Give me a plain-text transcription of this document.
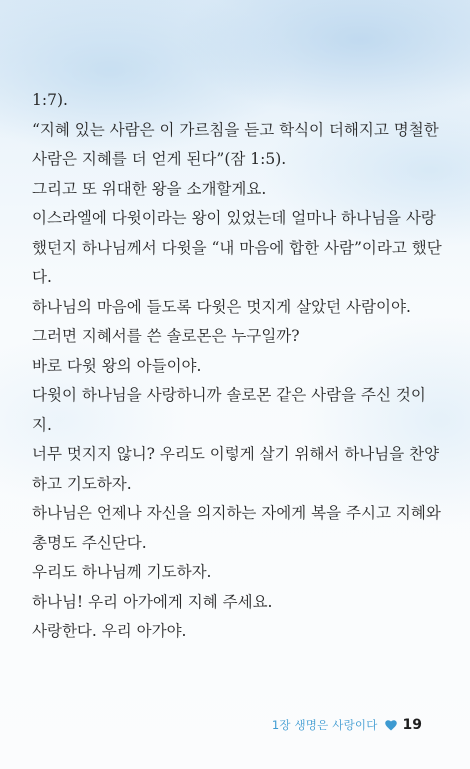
1:7).

“지혜 있는 사람은 이 가르침을 듣고 학식이 더해지고 명철한 사람은 지혜를 더 얻게 된다”(잠 1:5).

그리고 또 위대한 왕을 소개할게요.

이스라엘에 다윗이라는 왕이 있었는데 얼마나 하나님을 사랑했던지 하나님께서 다윗을 “내 마음에 합한 사람”이라고 했단다.

하나님의 마음에 들도록 다윗은 멋지게 살았던 사람이야.

그러면 지혜서를 쓴 솔로몬은 누구일까?

바로 다윗 왕의 아들이야.

다윗이 하나님을 사랑하니까 솔로몬 같은 사람을 주신 것이지.

너무 멋지지 않니? 우리도 이렇게 살기 위해서 하나님을 찬양하고 기도하자.

하나님은 언제나 자신을 의지하는 자에게 복을 주시고 지혜와 총명도 주신단다.

우리도 하나님께 기도하자.

하나님! 우리 아가에게 지혜 주세요.

사랑한다. 우리 아가야.

1장 생명은 사랑이다 19
